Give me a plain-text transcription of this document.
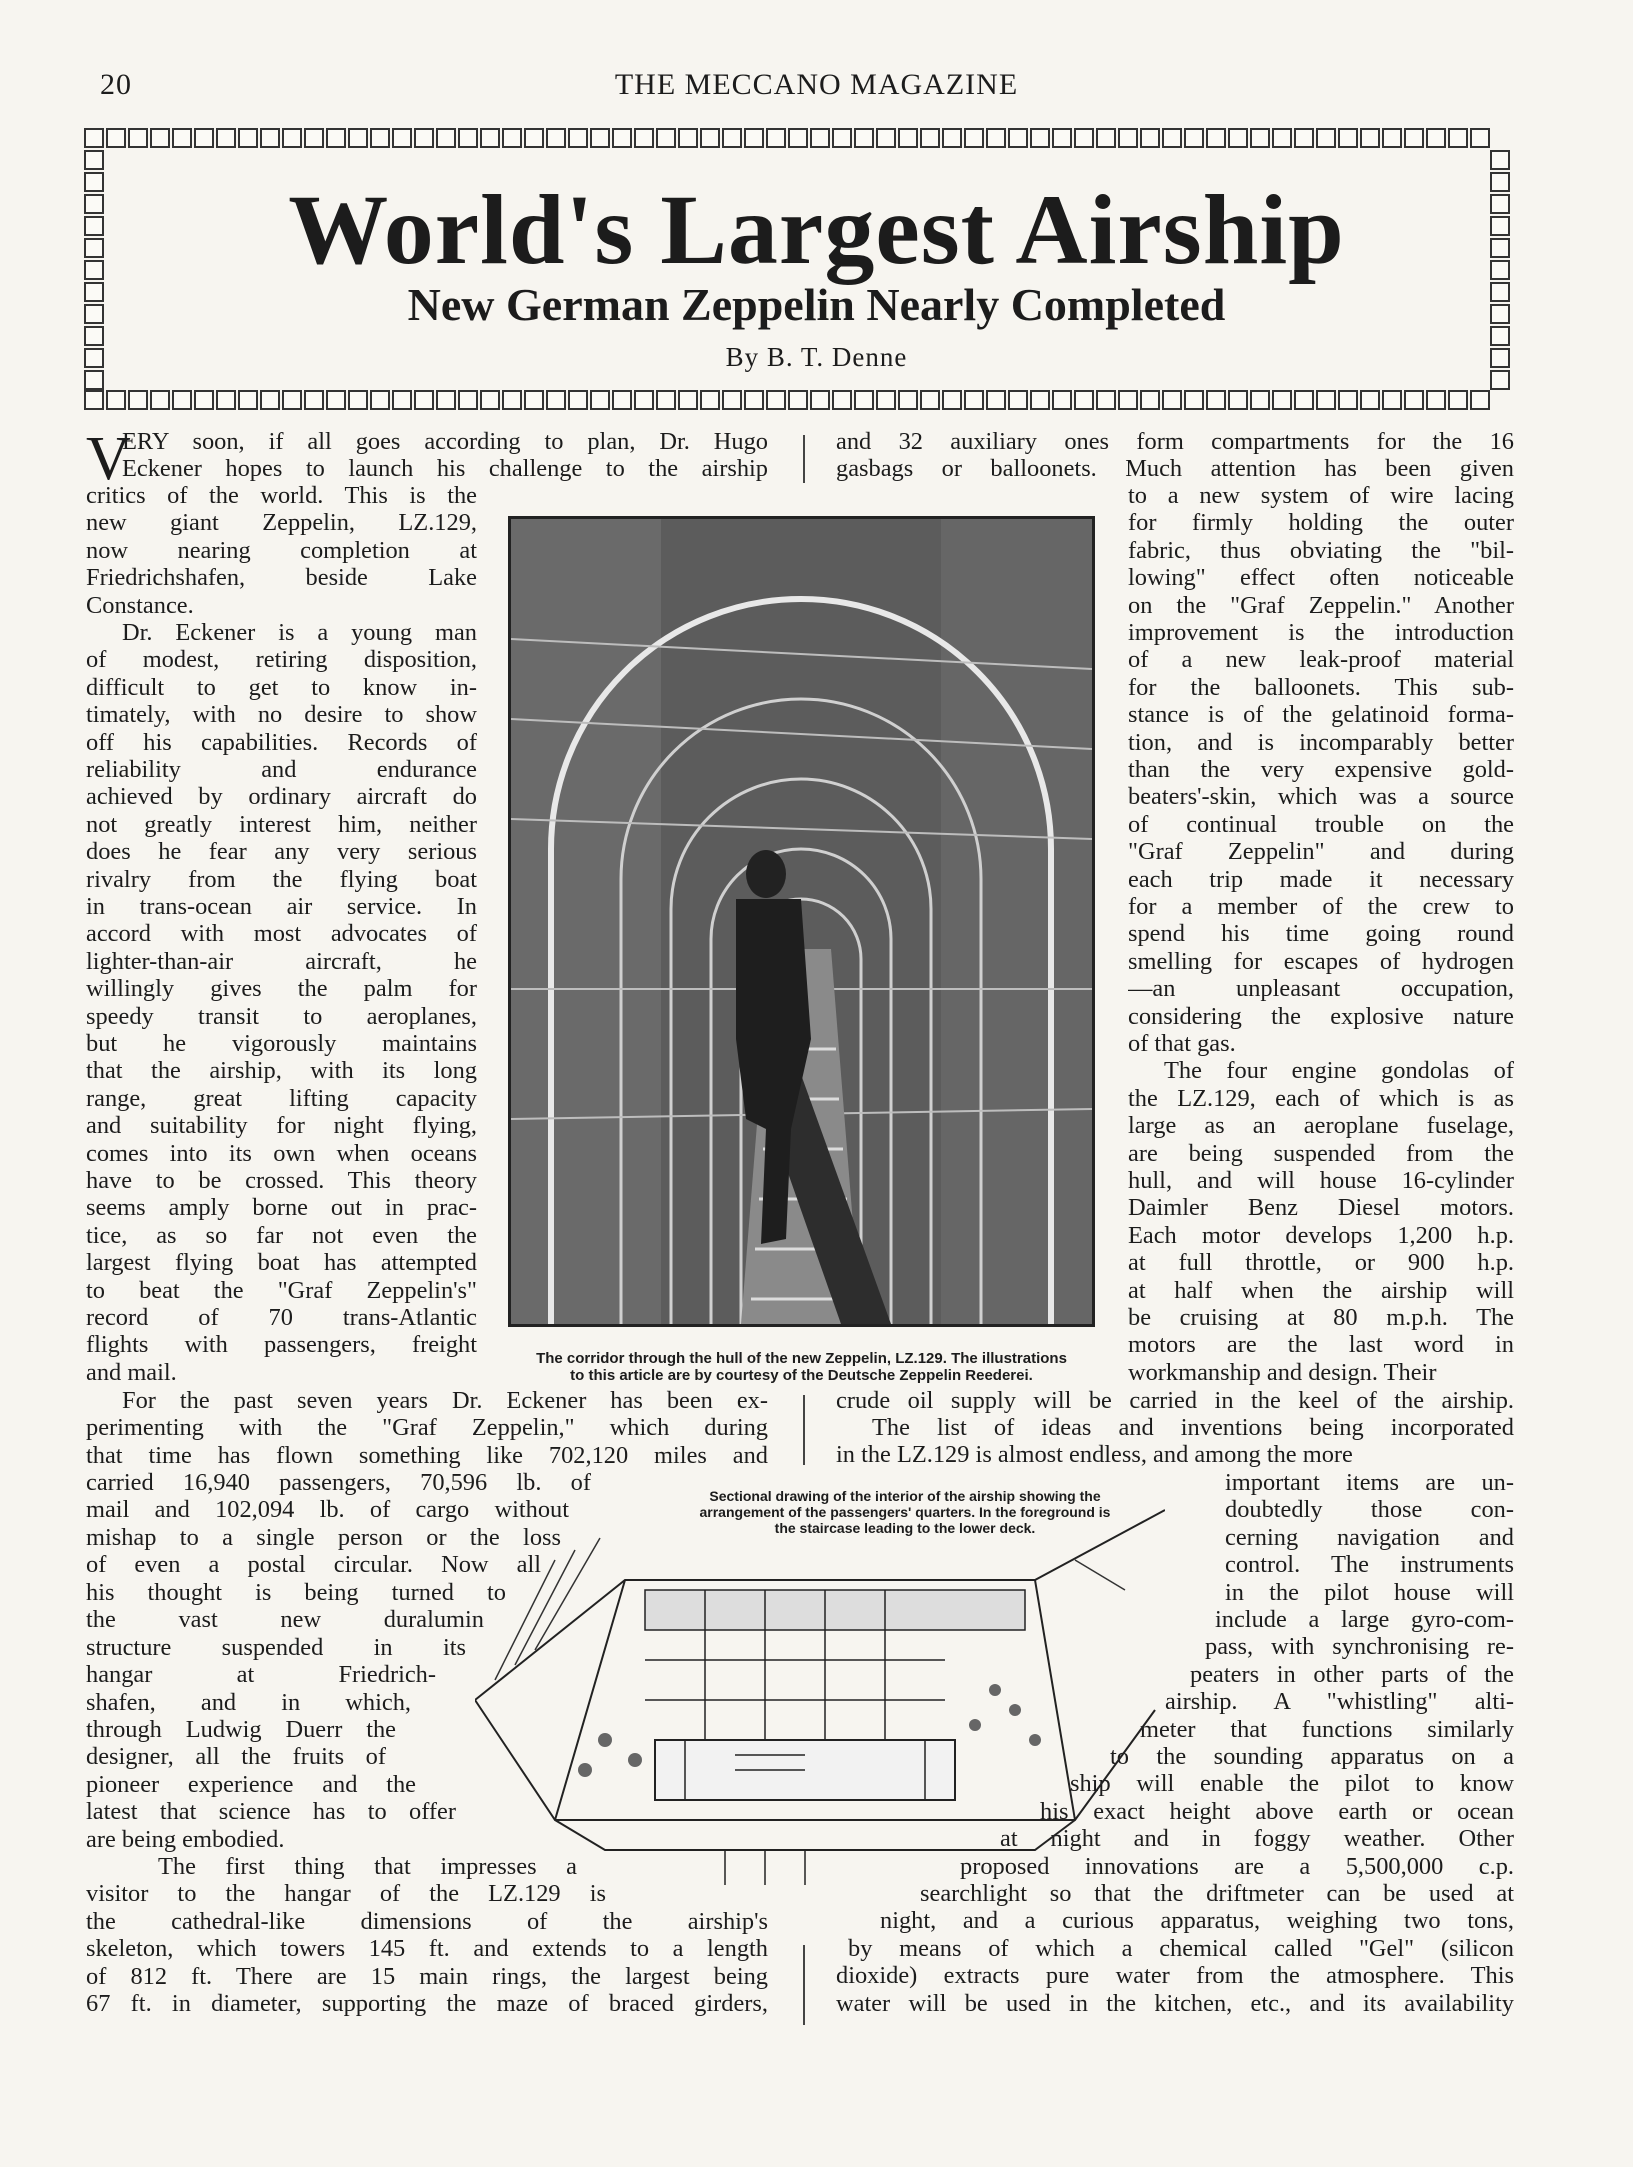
20	THE MECCANO MAGAZINE
World's Largest Airship
New German Zeppelin Nearly Completed
By B. T. Denne
V
ERY soon, if all goes according to plan, Dr. Hugo
Eckener hopes to launch his challenge to the airship
critics of the world. This is the
new giant Zeppelin, LZ.129,
now nearing completion at
Friedrichshafen, beside Lake
Constance.
Dr. Eckener is a young man
of modest, retiring disposition,
difficult to get to know in-
timately, with no desire to show
off his capabilities. Records of
reliability and endurance
achieved by ordinary aircraft do
not greatly interest him, neither
does he fear any very serious
rivalry from the flying boat
in trans-ocean air service. In
accord with most advocates of
lighter-than-air aircraft, he
willingly gives the palm for
speedy transit to aeroplanes,
but he vigorously maintains
that the airship, with its long
range, great lifting capacity
and suitability for night flying,
comes into its own when oceans
have to be crossed. This theory
seems amply borne out in prac-
tice, as so far not even the
largest flying boat has attempted
to beat the "Graf Zeppelin's"
record of 70 trans-Atlantic
flights with passengers, freight
and mail.
For the past seven years Dr. Eckener has been ex-
perimenting with the "Graf Zeppelin," which during
that time has flown something like 702,120 miles and
carried 16,940 passengers, 70,596 lb. of
mail and 102,094 lb. of cargo without
mishap to a single person or the loss
of even a postal circular. Now all
his thought is being turned to
the vast new duralumin
structure suspended in its
hangar at Friedrich-
shafen, and in which,
through Ludwig Duerr the
designer, all the fruits of
pioneer experience and the
latest that science has to offer
are being embodied.
The first thing that impresses a
visitor to the hangar of the LZ.129 is
the cathedral-like dimensions of the airship's
skeleton, which towers 145 ft. and extends to a length
of 812 ft. There are 15 main rings, the largest being
67 ft. in diameter, supporting the maze of braced girders,
and 32 auxiliary ones form compartments for the 16
gasbags or balloonets. Much attention has been given
to a new system of wire lacing
for firmly holding the outer
fabric, thus obviating the "bil-
lowing" effect often noticeable
on the "Graf Zeppelin." Another
improvement is the introduction
of a new leak-proof material
for the balloonets. This sub-
stance is of the gelatinoid forma-
tion, and is incomparably better
than the very expensive gold-
beaters'-skin, which was a source
of continual trouble on the
"Graf Zeppelin" and during
each trip made it necessary
for a member of the crew to
spend his time going round
smelling for escapes of hydrogen
—an unpleasant occupation,
considering the explosive nature
of that gas.
The four engine gondolas of
the LZ.129, each of which is as
large as an aeroplane fuselage,
are being suspended from the
hull, and will house 16-cylinder
Daimler Benz Diesel motors.
Each motor develops 1,200 h.p.
at full throttle, or 900 h.p.
at half when the airship will
be cruising at 80 m.p.h. The
motors are the last word in
workmanship and design. Their
crude oil supply will be carried in the keel of the airship.
The list of ideas and inventions being incorporated
in the LZ.129 is almost endless, and among the more
important items are un-
doubtedly those con-
cerning navigation and
control. The instruments
in the pilot house will
include a large gyro-com-
pass, with synchronising re-
peaters in other parts of the
airship. A "whistling" alti-
meter that functions similarly
to the sounding apparatus on a
ship will enable the pilot to know
his exact height above earth or ocean
at night and in foggy weather. Other
proposed innovations are a 5,500,000 c.p.
searchlight so that the driftmeter can be used at
night, and a curious apparatus, weighing two tons,
by means of which a chemical called "Gel" (silicon
dioxide) extracts pure water from the atmosphere. This
water will be used in the kitchen, etc., and its availability
The corridor through the hull of the new Zeppelin, LZ.129. The illustrations
to this article are by courtesy of the Deutsche Zeppelin Reederei.
Sectional drawing of the interior of the airship showing the
arrangement of the passengers' quarters. In the foreground is
the staircase leading to the lower deck.
